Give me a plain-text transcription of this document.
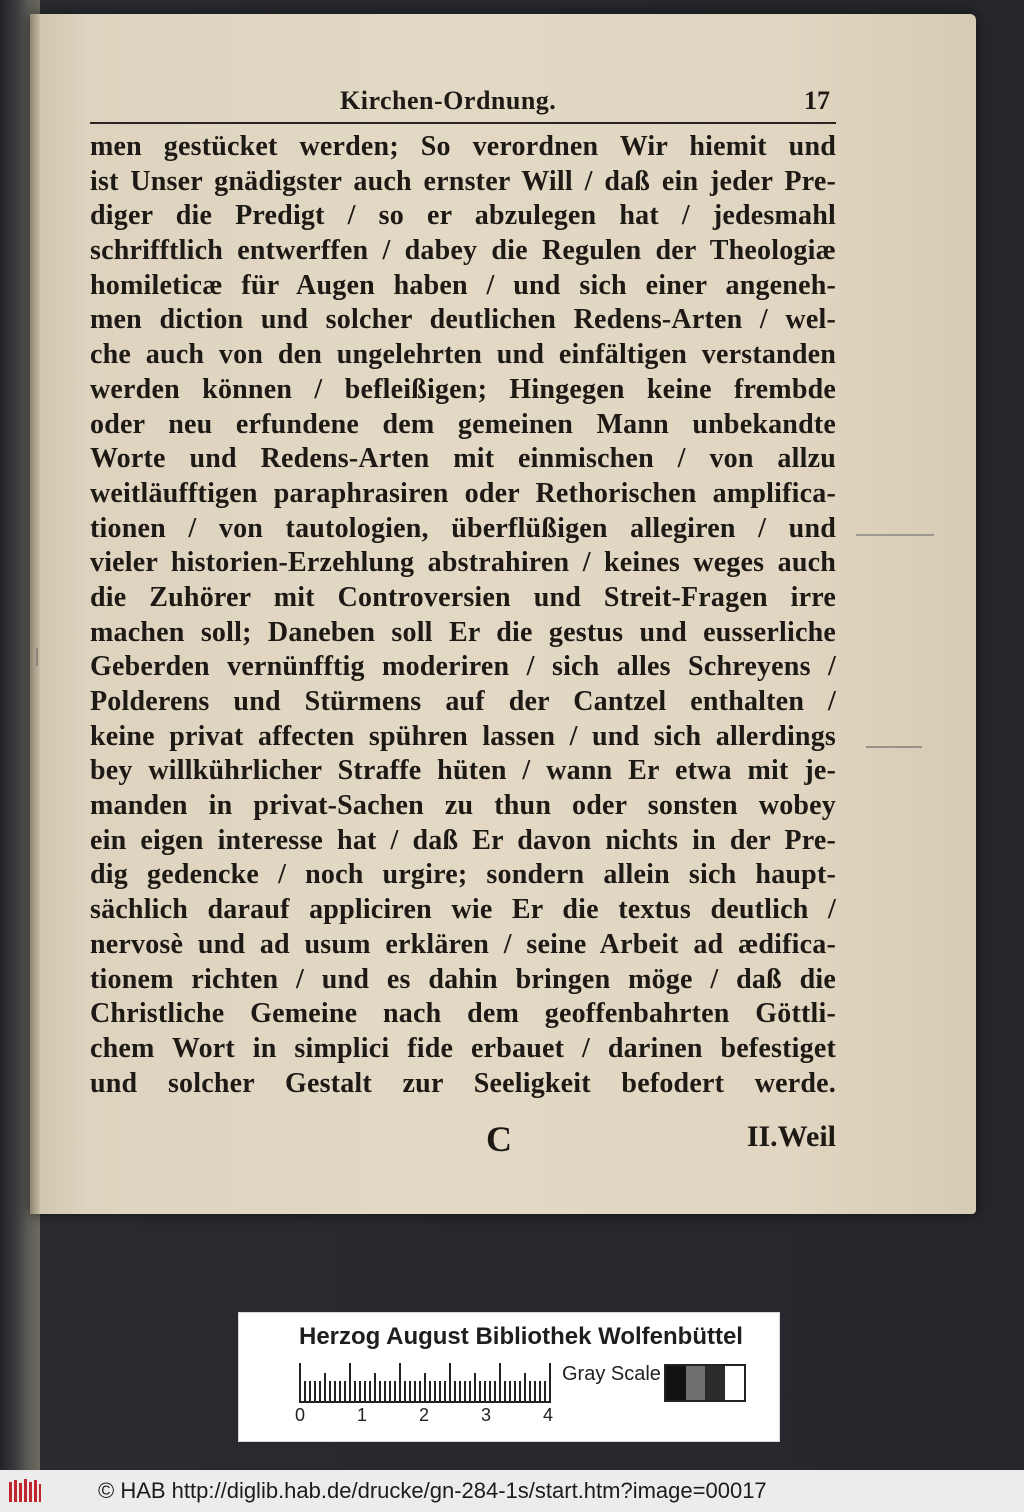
Kirchen-Ordnung.	17
men gestücket werden; So verordnen Wir hiemit und
ist Unser gnädigster auch ernster Will / daß ein jeder Pre-
diger die Predigt / so er abzulegen hat / jedesmahl
schrifftlich entwerffen / dabey die Regulen der Theologiæ
homileticæ für Augen haben / und sich einer angeneh-
men diction und solcher deutlichen Redens-Arten / wel-
che auch von den ungelehrten und einfältigen verstanden
werden können / befleißigen; Hingegen keine frembde
oder neu erfundene dem gemeinen Mann unbekandte
Worte und Redens-Arten mit einmischen / von allzu
weitläufftigen paraphrasiren oder Rethorischen amplifica-
tionen / von tautologien, überflüßigen allegiren / und
vieler historien-Erzehlung abstrahiren / keines weges auch
die Zuhörer mit Controversien und Streit-Fragen irre
machen soll; Daneben soll Er die gestus und eusserliche
Geberden vernünfftig moderiren / sich alles Schreyens /
Polderens und Stürmens auf der Cantzel enthalten /
keine privat affecten spühren lassen / und sich allerdings
bey willkührlicher Straffe hüten / wann Er etwa mit je-
manden in privat-Sachen zu thun oder sonsten wobey
ein eigen interesse hat / daß Er davon nichts in der Pre-
dig gedencke / noch urgire; sondern allein sich haupt-
sächlich darauf appliciren wie Er die textus deutlich /
nervosè und ad usum erklären / seine Arbeit ad ædifica-
tionem richten / und es dahin bringen möge / daß die
Christliche Gemeine nach dem geoffenbahrten Göttli-
chem Wort in simplici fide erbauet / darinen befestiget
und solcher Gestalt zur Seeligkeit befodert werde.
C	II.Weil
Herzog August Bibliothek Wolfenbüttel
0	1	2	3	4
Gray Scale
© HAB http://diglib.hab.de/drucke/gn-284-1s/start.htm?image=00017
